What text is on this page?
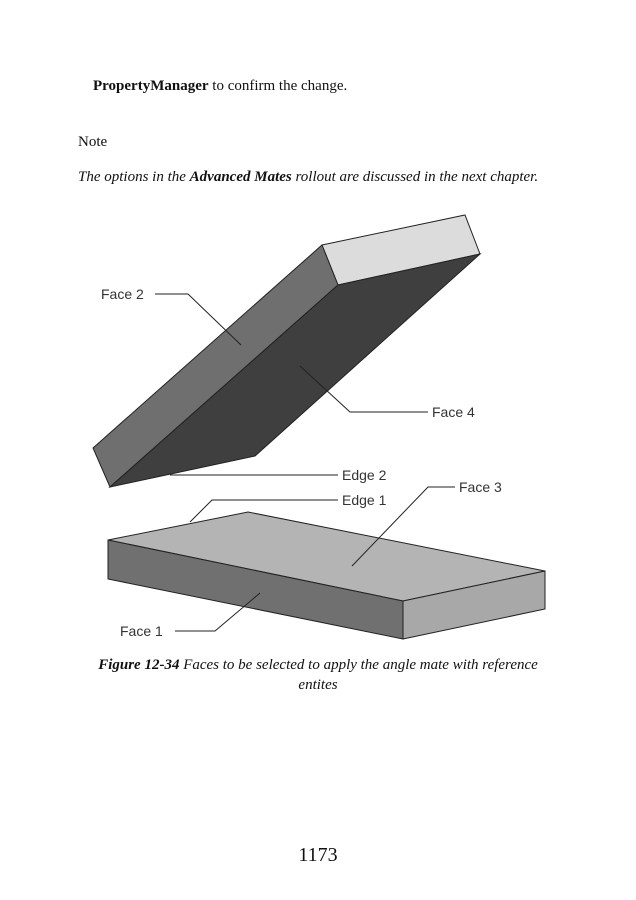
PropertyManager to confirm the change.
Note
The options in the Advanced Mates rollout are discussed in the next chapter.
Face 2
Face 4
Edge 2
Edge 1
Face 3
Face 1
Figure 12-34 Faces to be selected to apply the angle mate with reference entites
1173
